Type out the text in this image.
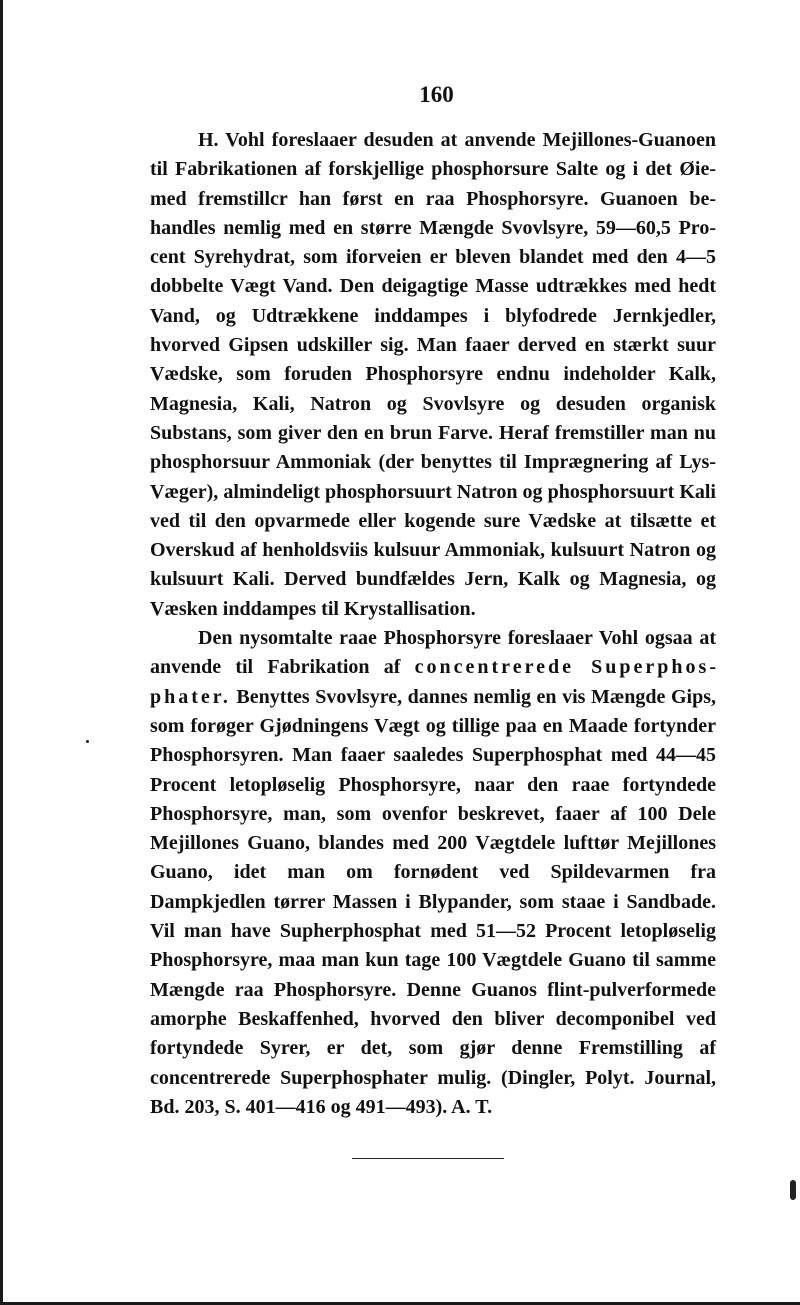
160

H. Vohl foreslaaer desuden at anvende Mejillones-Guanoen til Fabrikationen af forskjellige phosphorsure Salte og i det Øiemed fremstillcr han først en raa Phosphorsyre. Guanoen behandles nemlig med en større Mængde Svovlsyre, 59—60,5 Procent Syrehydrat, som iforveien er bleven blandet med den 4—5 dobbelte Vægt Vand. Den deigagtige Masse udtrækkes med hedt Vand, og Udtrækkene inddampes i blyfodrede Jernkjedler, hvorved Gipsen udskiller sig. Man faaer derved en stærkt suur Vædske, som foruden Phosphorsyre endnu indeholder Kalk, Magnesia, Kali, Natron og Svovlsyre og desuden organisk Substans, som giver den en brun Farve. Heraf fremstiller man nu phosphorsuur Ammoniak (der benyttes til Imprægnering af Lys-Væger), almindeligt phosphorsuurt Natron og phosphorsuurt Kali ved til den opvarmede eller kogende sure Vædske at tilsætte et Overskud af henholdsviis kulsuur Ammoniak, kulsuurt Natron og kulsuurt Kali. Derved bundfældes Jern, Kalk og Magnesia, og Væsken inddampes til Krystallisation.

Den nysomtalte raae Phosphorsyre foreslaaer Vohl ogsaa at anvende til Fabrikation af concentrerede Superphosphater. Benyttes Svovlsyre, dannes nemlig en vis Mængde Gips, som forøger Gjødningens Vægt og tillige paa en Maade fortynder Phosphorsyren. Man faaer saaledes Superphosphat med 44—45 Procent letopløselig Phosphorsyre, naar den raae fortyndede Phosphorsyre, man, som ovenfor beskrevet, faaer af 100 Dele Mejillones Guano, blandes med 200 Vægtdele lufttør Mejillones Guano, idet man om fornødent ved Spildevarmen fra Dampkjedlen tørrer Massen i Blypander, som staae i Sandbade. Vil man have Supherphosphat med 51—52 Procent letopløselig Phosphorsyre, maa man kun tage 100 Vægtdele Guano til samme Mængde raa Phosphorsyre. Denne Guanos flint-pulverformede amorphe Beskaffenhed, hvorved den bliver decomponibel ved fortyndede Syrer, er det, som gjør denne Fremstilling af concentrerede Superphosphater mulig. (Dingler, Polyt. Journal, Bd. 203, S. 401—416 og 491—493). A. T.
